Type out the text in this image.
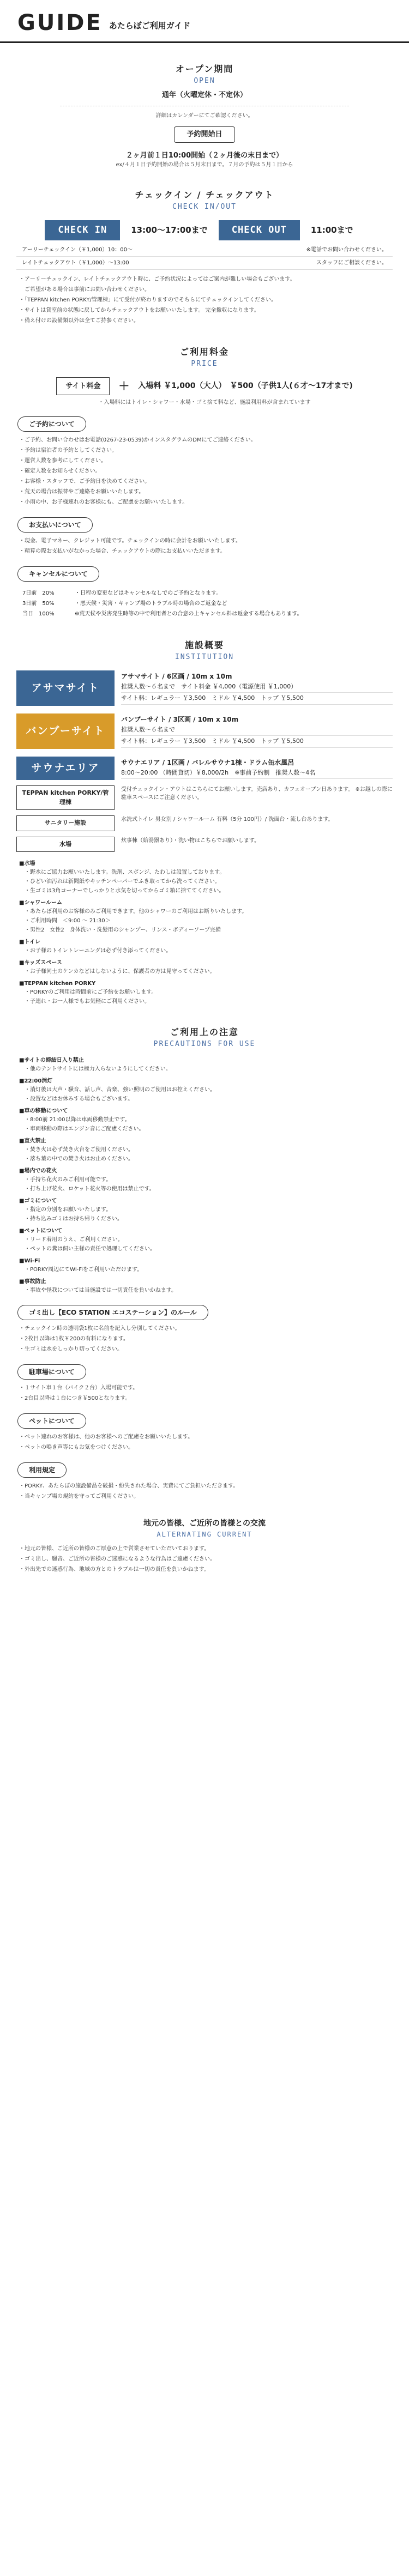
GUIDE あたらぼご利用ガイド
オープン期間
OPEN
通年（火曜定休・不定休）
詳細はカレンダーにてご確認ください。
予約開始日
２ヶ月前１日10:00開始（２ヶ月後の末日まで）
ex/４月１日予約開始の場合は５月末日まで。７月の予約は５月１日から
チェックイン / チェックアウト
CHECK IN/OUT
CHECK IN	13:00～17:00まで	CHECK OUT	11:00まで
アーリーチェックイン（￥1,000）10：00～	※電話でお問い合わせください。
レイトチェックアウト（￥1,000）～13:00	スタッフにご相談ください。
・アーリーチェックイン、レイトチェックアウト時に、ご予約状況によってはご案内が難しい場合もございます。
　ご希望がある場合は事前にお問い合わせください。
・「TEPPAN kitchen PORKY/管理棟」にて受付が終わりますのでそちらにてチェックインしてください。
・サイトは貸室前の状態に戻してからチェックアウトをお願いいたします。 完全撤収になります。
・備え付けの設備類以外は全てご持参ください。
ご利用料金
PRICE
サイト料金	＋ 入場料 ￥1,000（大人）　￥500（子供1人(６才～17才まで)
・入場料にはトイレ・シャワー・水場・ゴミ捨て料など、施設利用料が含まれています
ご予約について

・ご予約、お問い合わせはお電話(0267-23-0539)かインスタグラムのDMにてご連絡ください。

・予約は宿泊者の予約としてください。

・運営人数を参考にしてください。

・確定人数をお知らせください。

・お客様・スタッフで、ご予約日を決めてください。

・荒天の場合は振替やご連絡をお願いいたします。

・小雨の中、お子様連れのお客様にも、ご配慮をお願いいたします。

お支払いについて

・現金、電子マネー、クレジット可能です。チェックインの時に会計をお願いいたします。

・精算の際お支払いがなかった場合、チェックアウトの際にお支払いいただきます。

キャンセルについて
7日前　20%	・日程の変更などはキャンセルなしでのご予約となります。
3日前　50%	・悪天候・災害・キャンプ場のトラブル時の場合のご返金など
当日　100%	※荒天候や災害発生時等の中で利用者との合意の上キャンセル料は返金する場合もあります。
施設概要
INSTITUTION
アサマサイト
アサマサイト / 6区画 / 10m x 10m
推奨人数～６名まで　サイト料金 ￥4,000（電源使用 ￥1,000）
サイト料：レギュラー ￥3,500　ミドル ￥4,500　トップ ￥5,500
バンブーサイト
バンブーサイト / 3区画 / 10m x 10m
推奨人数～６名まで
サイト料：レギュラー ￥3,500　ミドル ￥4,500　トップ ￥5,500
サウナエリア	サウナエリア / 1区画 / バレルサウナ1棟・ドラム缶水風呂
8:00～20:00 （時間貸切）￥8,000/2h　※事前予約制　推奨人数～4名
TEPPAN kitchen PORKY/管理棟
受付チェックイン・アウトはこちらにてお願いします。売店あり、カフェオープン日あります。 ※お越しの際に駐車スペースにご注意ください。
サニタリー施設	水洗式トイレ 男女別 / シャワールーム 有料（5分 100円）/ 洗面台・流し台あります。
水場	炊事棟（給湯器あり）・洗い物はこちらでお願いします。
■水場

・野水にご協力お願いいたします。洗剤、スポンジ、たわしは設置しております。

・ひどい油汚れは新聞紙やキッチンペーパーでふき取ってから洗ってください。

・生ゴミは3角コーナーでしっかりと水気を切ってからゴミ箱に捨ててください。

■シャワールーム

・あたらぼ利用のお客様のみご利用できます。他のシャワーのご利用はお断りいたします。

・ご利用時間　＜9:00 ～ 21:30＞

・男性2　女性2　身体洗い・洗髪用のシャンプー、リンス・ボディーソープ完備

■トイレ

・お子様のトイレトレーニングは必ず付き添ってください。

■キッズスペース

・お子様同士のケンカなどはしないように、保護者の方は見守ってください。

■TEPPAN kitchen PORKY

・PORKYのご利用は時間前にご予約をお願いします。

・子連れ・お一人様でもお気軽にご利用ください。

ご利用上の注意
PRECAUTIONS FOR USE
■サイトの締結日入り禁止

・他のテントサイトには極力入らないようにしてください。

■22:00消灯

・消灯後は大声・騒音、話し声、音楽、強い照明のご使用はお控えください。

・設置などはお休みする場合もございます。

■車の移動について

・8:00前 21:00以降は車両移動禁止です。

・車両移動の際はエンジン音にご配慮ください。

■直火禁止

・焚き火は必ず焚き火台をご使用ください。

・落ち葉の中での焚き火はお止めください。

■場内での花火

・手持ち花火のみご利用可能です。

・打ち上げ花火、ロケット花火等の使用は禁止です。

■ゴミについて

・指定の分別をお願いいたします。

・持ち込みゴミはお持ち帰りください。

■ペットについて

・リード着用のうえ、ご利用ください。

・ペットの糞は飼い主様の責任で処理してください。

■Wi-Fi

・PORKY周辺にてWi-Fiをご利用いただけます。

■事故防止

・事故や怪我については当施設では一切責任を負いかねます。

ゴミ出し【ECO STATION エコステーション】のルール

・チェックイン時の透明袋1枚に名前を記入し分別してください。

・2枚目以降は1枚￥200の有料になります。

・生ゴミは水をしっかり切ってください。

駐車場について

・１サイト車１台（バイク２台）入場可能です。

・2台目以降は１台につき￥500となります。

ペットについて

・ペット連れのお客様は、他のお客様へのご配慮をお願いいたします。

・ペットの鳴き声等にもお気をつけください。

利用規定

・PORKY、あたらぼの施設備品を破損・紛失された場合、実費にてご負担いただきます。

・当キャンプ場の規約を守ってご利用ください。

地元の皆様、ご近所の皆様との交流
ALTERNATING CURRENT

・地元の皆様、ご近所の皆様のご厚意の上で営業させていただいております。

・ゴミ出し、騒音、ご近所の皆様のご迷惑になるような行為はご遠慮ください。

・外出先での迷惑行為、地域の方とのトラブルは一切の責任を負いかねます。
